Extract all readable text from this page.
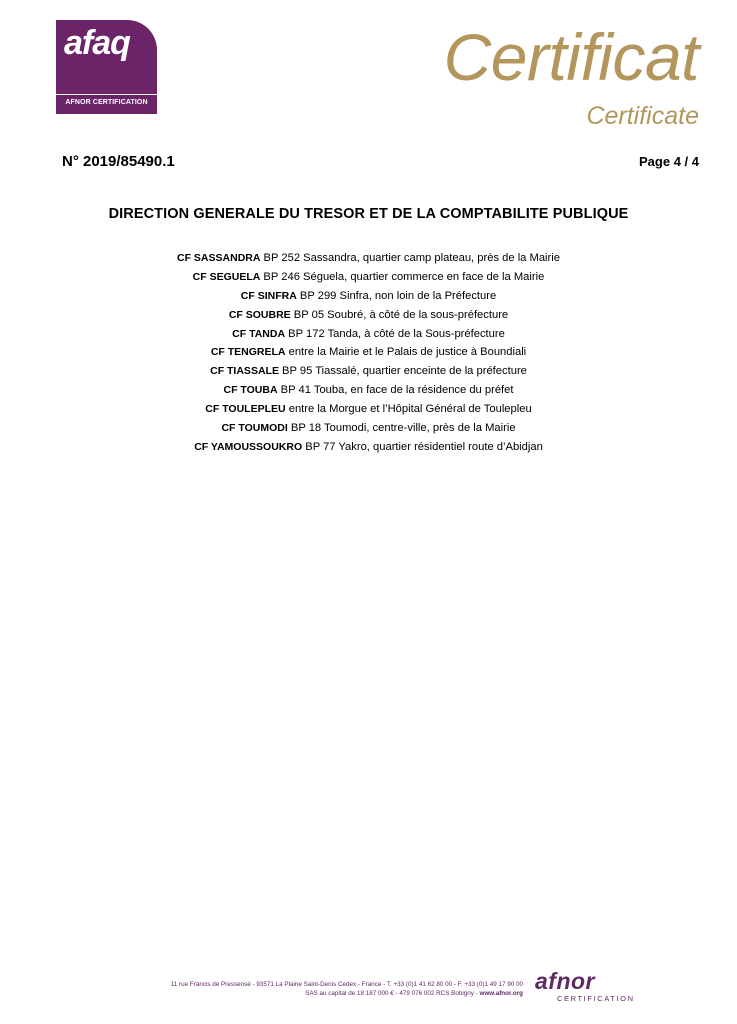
afaq
AFNOR CERTIFICATION
Certificat
Certificate
N° 2019/85490.1	Page 4 / 4
DIRECTION GENERALE DU TRESOR ET DE LA COMPTABILITE PUBLIQUE
CF SASSANDRA BP 252 Sassandra, quartier camp plateau, près de la Mairie
CF SEGUELA BP 246 Séguela, quartier commerce en face de la Mairie
CF SINFRA BP 299 Sinfra, non loin de la Préfecture
CF SOUBRE BP 05 Soubré, à côté de la sous-préfecture
CF TANDA BP 172 Tanda, à côté de la Sous-préfecture
CF TENGRELA entre la Mairie et le Palais de justice à Boundiali
CF TIASSALE BP 95 Tiassalé, quartier enceinte de la préfecture
CF TOUBA BP 41 Touba, en face de la résidence du préfet
CF TOULEPLEU entre la Morgue et l’Hôpital Général de Toulepleu
CF TOUMODI BP 18 Toumodi, centre-ville, près de la Mairie
CF YAMOUSSOUKRO BP 77 Yakro, quartier résidentiel route d’Abidjan
11 rue Francis de Pressensé - 93571 La Plaine Saint-Denis Cedex - France - T. +33 (0)1 41 62 80 00 - F. +33 (0)1 49 17 90 00
SAS au capital de 18 187 000 € - 479 076 002 RCS Bobigny - www.afnor.org afnor
CERTIFICATION
